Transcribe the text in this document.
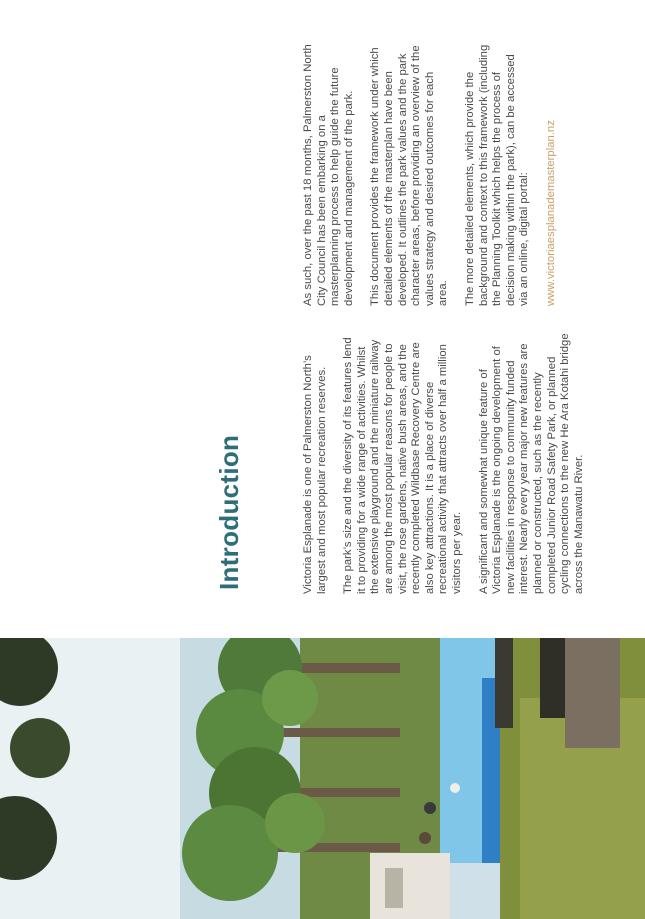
Introduction	Victoria Esplanade is one of Palmerston North’s largest and most popular recreation reserves. The park’s size and the diversity of its features lend it to providing for a wide range of activities. Whilst the extensive playground and the miniature railway are among the most popular reasons for people to visit, the rose gardens, native bush areas, and the recently completed Wildbase Recovery Centre are also key attractions. It is a place of diverse recreational activity that attracts over half a million visitors per year. A significant and somewhat unique feature of Victoria Esplanade is the ongoing development of new facilities in response to community funded interest. Nearly every year major new features are planned or constructed, such as the recently completed Junior Road Safety Park, or planned cycling connections to the new He Ara Kotahi bridge across the Manawatu River.

As such, over the past 18 months, Palmerston North City Council has been embarking on a masterplanning process to help guide the future development and management of the park. This document provides the framework under which detailed elements of the masterplan have been developed. It outlines the park values and the park character areas, before providing an overview of the values strategy and desired outcomes for each area. The more detailed elements, which provide the background and context to this framework (including the Planning Toolkit which helps the process of decision making within the park), can be accessed via an online, digital portal: www.victoriaesplanademasterplan.nz
